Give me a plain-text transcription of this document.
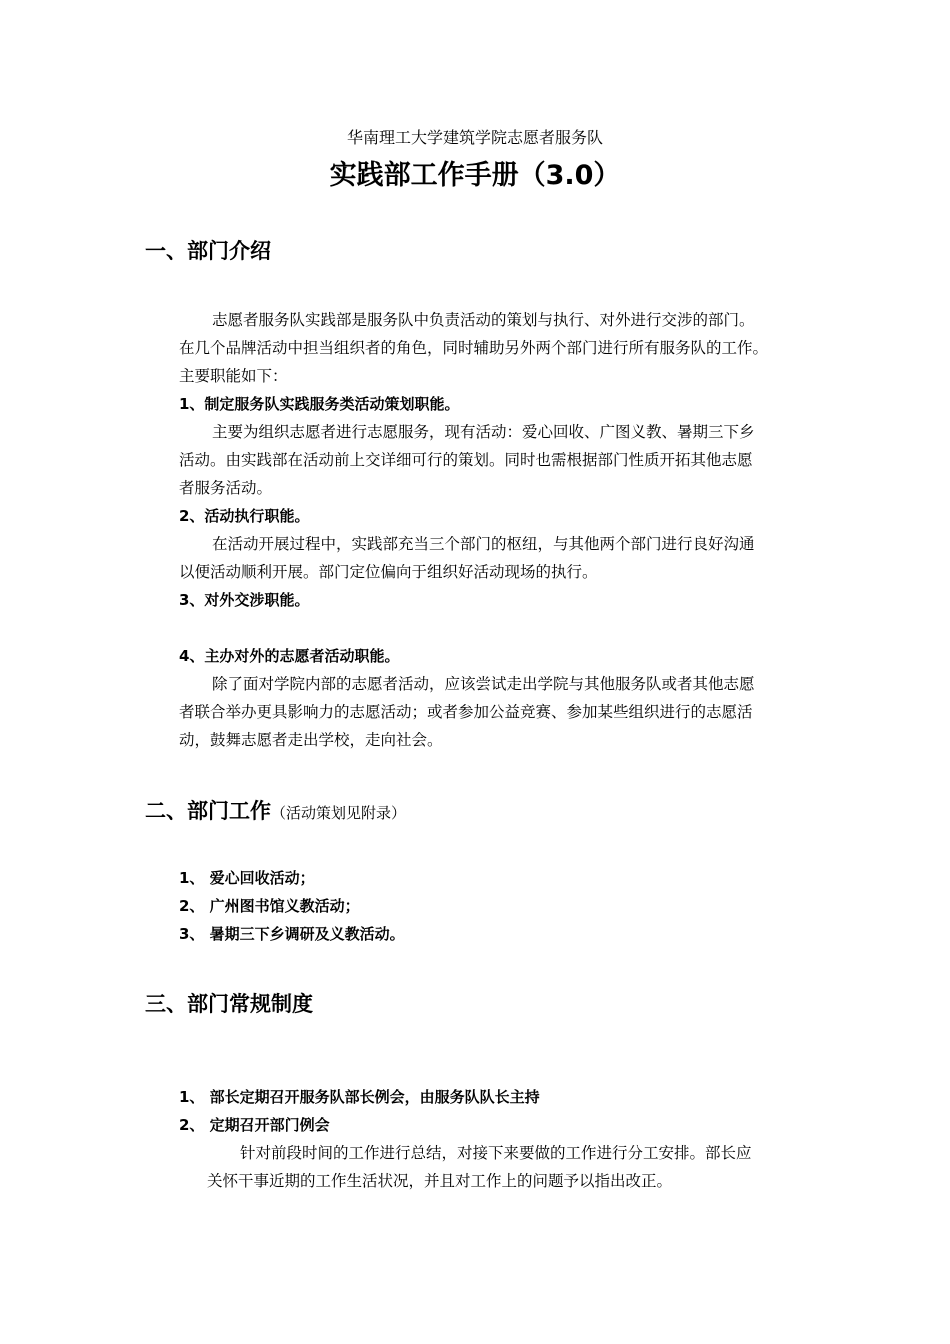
华南理工大学建筑学院志愿者服务队
实践部工作手册（3.0）
一、部门介绍
志愿者服务队实践部是服务队中负责活动的策划与执行、对外进行交涉的部门。
在几个品牌活动中担当组织者的角色，同时辅助另外两个部门进行所有服务队的工作。
主要职能如下：
1、制定服务队实践服务类活动策划职能。
主要为组织志愿者进行志愿服务，现有活动：爱心回收、广图义教、暑期三下乡
活动。由实践部在活动前上交详细可行的策划。同时也需根据部门性质开拓其他志愿
者服务活动。
2、活动执行职能。
在活动开展过程中，实践部充当三个部门的枢纽，与其他两个部门进行良好沟通
以便活动顺利开展。部门定位偏向于组织好活动现场的执行。
3、对外交涉职能。
4、主办对外的志愿者活动职能。
除了面对学院内部的志愿者活动，应该尝试走出学院与其他服务队或者其他志愿
者联合举办更具影响力的志愿活动；或者参加公益竞赛、参加某些组织进行的志愿活
动，鼓舞志愿者走出学校，走向社会。
二、部门工作（活动策划见附录）
1、 爱心回收活动；
2、 广州图书馆义教活动；
3、 暑期三下乡调研及义教活动。
三、部门常规制度
1、 部长定期召开服务队部长例会，由服务队队长主持
2、 定期召开部门例会
针对前段时间的工作进行总结，对接下来要做的工作进行分工安排。部长应
关怀干事近期的工作生活状况，并且对工作上的问题予以指出改正。
